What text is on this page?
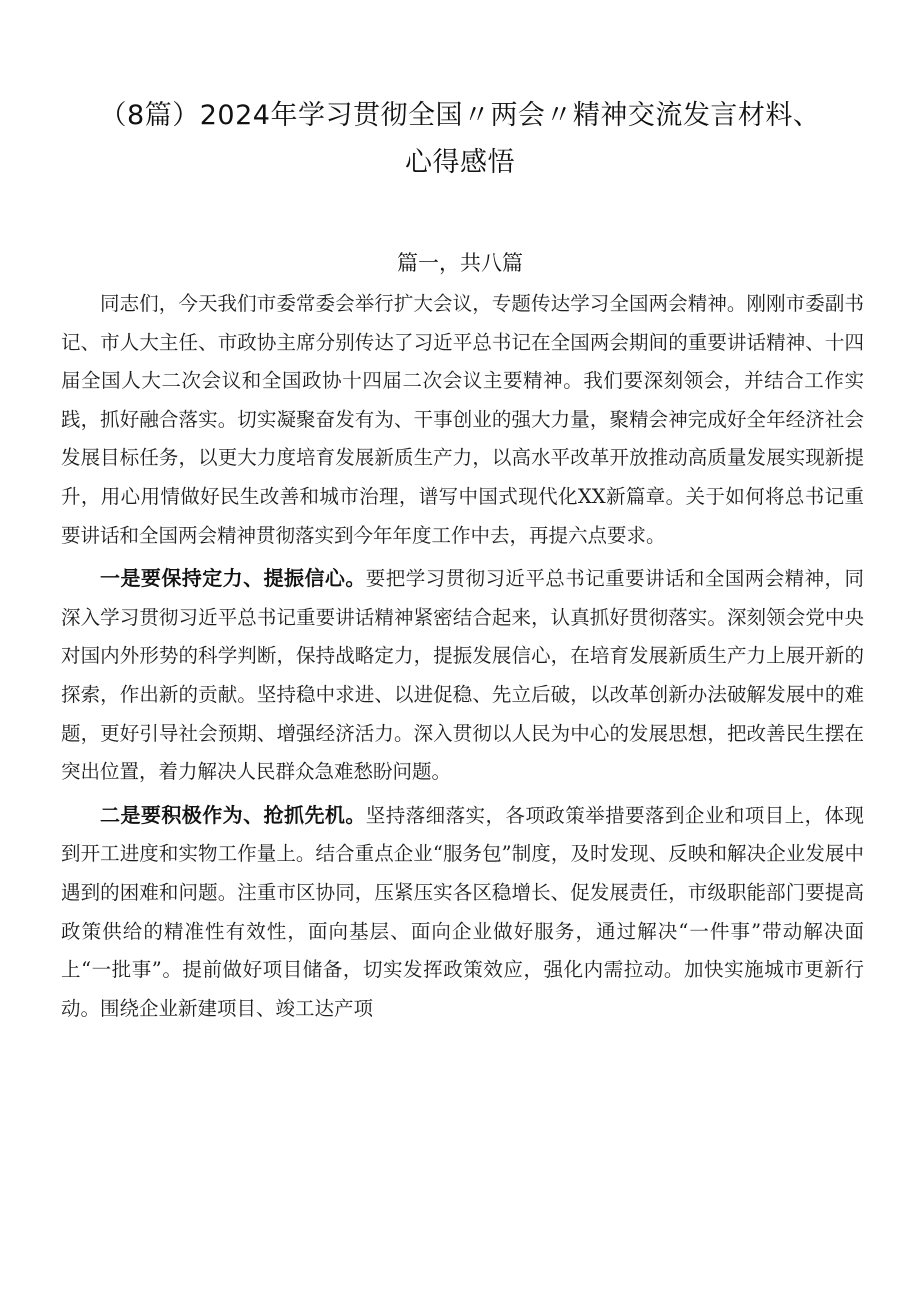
（8篇）2024年学习贯彻全国〃两会〃精神交流发言材料、
心得感悟
篇一，共八篇

同志们，今天我们市委常委会举行扩大会议，专题传达学习全国两会精神。刚刚市委副书记、市人大主任、市政协主席分别传达了习近平总书记在全国两会期间的重要讲话精神、十四届全国人大二次会议和全国政协十四届二次会议主要精神。我们要深刻领会，并结合工作实践，抓好融合落实。切实凝聚奋发有为、干事创业的强大力量，聚精会神完成好全年经济社会发展目标任务，以更大力度培育发展新质生产力，以高水平改革开放推动高质量发展实现新提升，用心用情做好民生改善和城市治理，谱写中国式现代化XX新篇章。关于如何将总书记重要讲话和全国两会精神贯彻落实到今年年度工作中去，再提六点要求。

一是要保持定力、提振信心。要把学习贯彻习近平总书记重要讲话和全国两会精神，同深入学习贯彻习近平总书记重要讲话精神紧密结合起来，认真抓好贯彻落实。深刻领会党中央对国内外形势的科学判断，保持战略定力，提振发展信心，在培育发展新质生产力上展开新的探索，作出新的贡献。坚持稳中求进、以进促稳、先立后破，以改革创新办法破解发展中的难题，更好引导社会预期、增强经济活力。深入贯彻以人民为中心的发展思想，把改善民生摆在突出位置，着力解决人民群众急难愁盼问题。

二是要积极作为、抢抓先机。坚持落细落实，各项政策举措要落到企业和项目上，体现到开工进度和实物工作量上。结合重点企业“服务包”制度，及时发现、反映和解决企业发展中遇到的困难和问题。注重市区协同，压紧压实各区稳增长、促发展责任，市级职能部门要提高政策供给的精准性有效性，面向基层、面向企业做好服务，通过解决“一件事”带动解决面上“一批事”。提前做好项目储备，切实发挥政策效应，强化内需拉动。加快实施城市更新行动。围绕企业新建项目、竣工达产项
